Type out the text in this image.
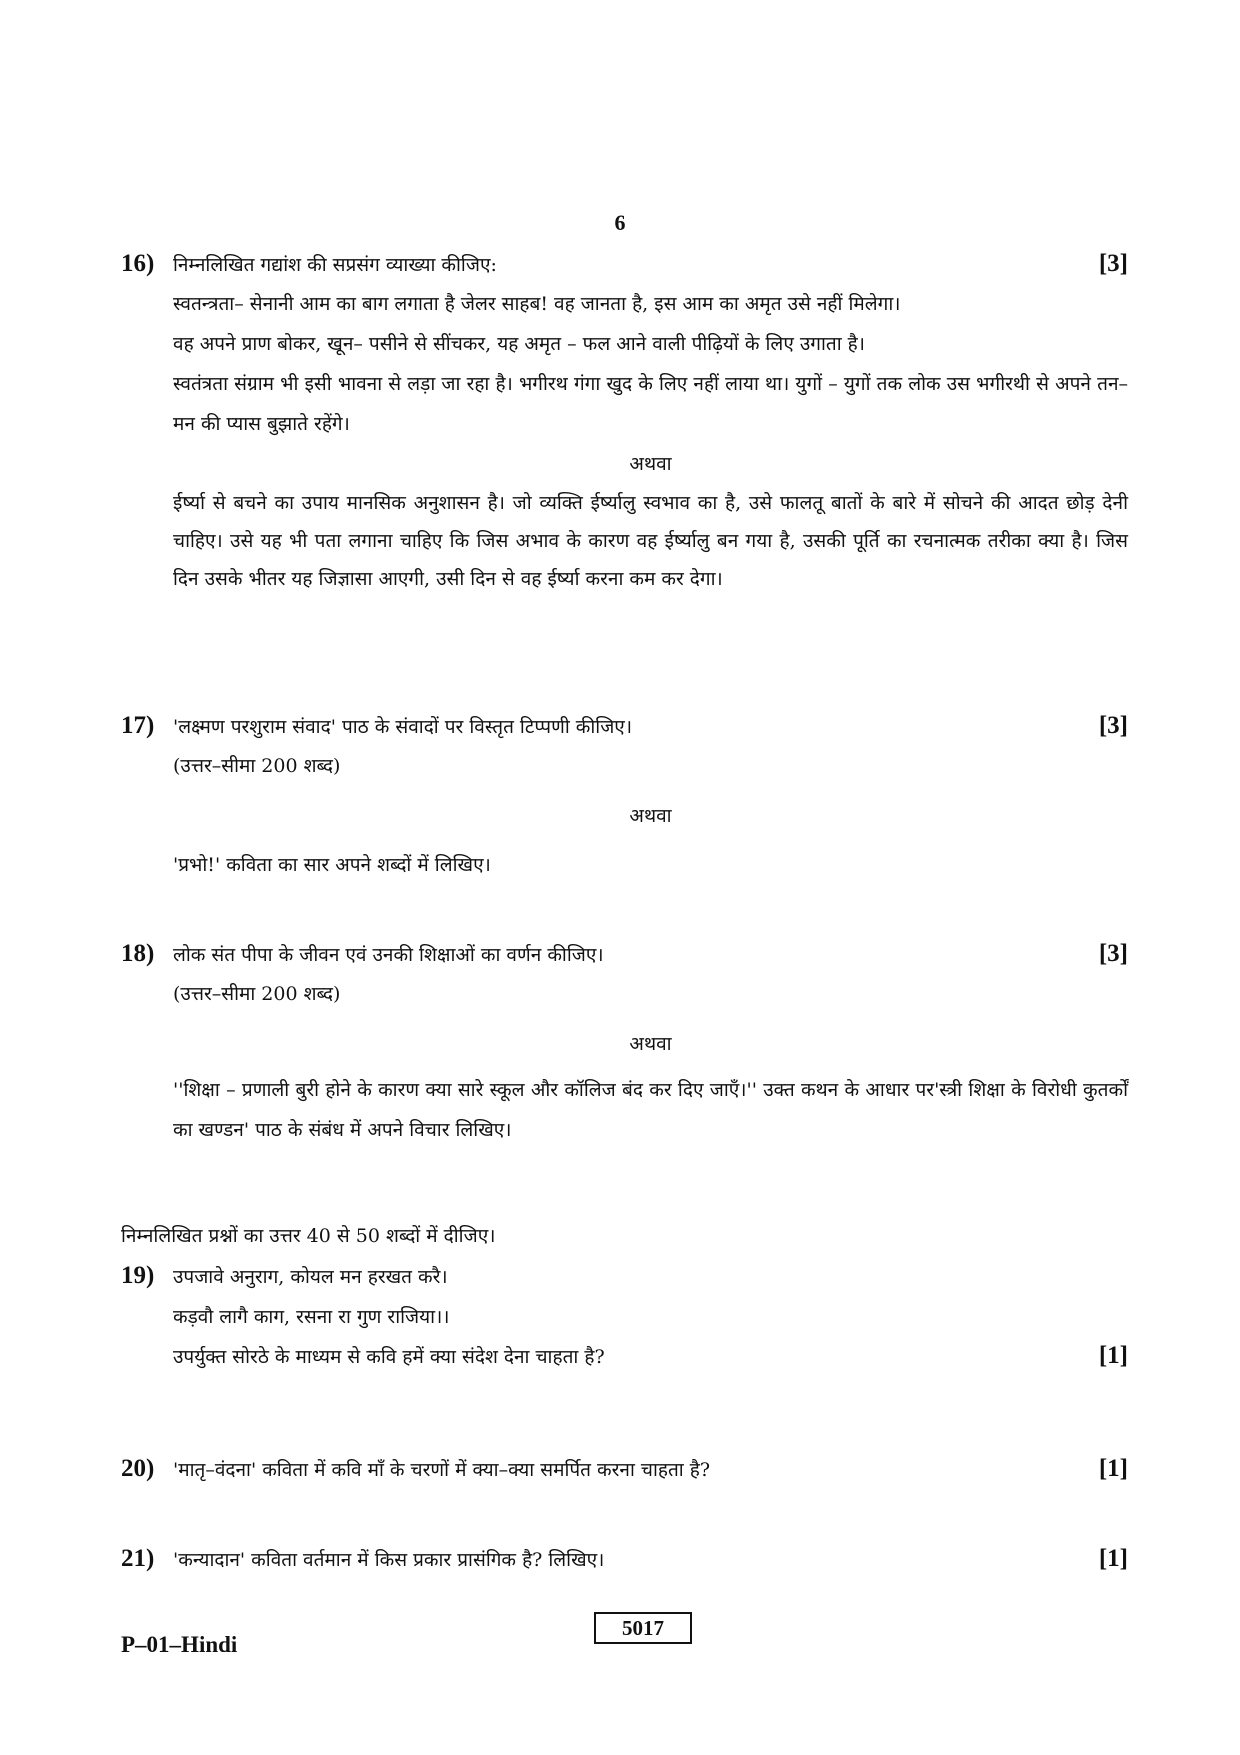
6
16) निम्नलिखित गद्यांश की सप्रसंग व्याख्या कीजिए:	[3]

स्वतन्त्रता– सेनानी आम का बाग लगाता है जेलर साहब! वह जानता है, इस आम का अमृत उसे नहीं मिलेगा।

वह अपने प्राण बोकर, खून– पसीने से सींचकर, यह अमृत – फल आने वाली पीढ़ियों के लिए उगाता है।

स्वतंत्रता संग्राम भी इसी भावना से लड़ा जा रहा है। भगीरथ गंगा खुद के लिए नहीं लाया था। युगों – युगों तक लोक उस भगीरथी से अपने तन–मन की प्यास बुझाते रहेंगे।

अथवा
ईर्ष्या से बचने का उपाय मानसिक अनुशासन है। जो व्यक्ति ईर्ष्यालु स्वभाव का है, उसे फालतू बातों के बारे में सोचने की आदत छोड़ देनी चाहिए। उसे यह भी पता लगाना चाहिए कि जिस अभाव के कारण वह ईर्ष्यालु बन गया है, उसकी पूर्ति का रचनात्मक तरीका क्या है। जिस दिन उसके भीतर यह जिज्ञासा आएगी, उसी दिन से वह ईर्ष्या करना कम कर देगा।
17) 'लक्ष्मण परशुराम संवाद' पाठ के संवादों पर विस्तृत टिप्पणी कीजिए।	[3]
(उत्तर–सीमा 200 शब्द)
अथवा
'प्रभो!' कविता का सार अपने शब्दों में लिखिए।
18) लोक संत पीपा के जीवन एवं उनकी शिक्षाओं का वर्णन कीजिए।	[3]
(उत्तर–सीमा 200 शब्द)
अथवा
''शिक्षा – प्रणाली बुरी होने के कारण क्या सारे स्कूल और कॉलिज बंद कर दिए जाएँ।'' उक्त कथन के आधार पर'स्त्री शिक्षा के विरोधी कुतर्कों का खण्डन' पाठ के संबंध में अपने विचार लिखिए।
निम्नलिखित प्रश्नों का उत्तर 40 से 50 शब्दों में दीजिए।
19) उपजावे अनुराग, कोयल मन हरखत करै।
कड़वौ लागै काग, रसना रा गुण राजिया।।
उपर्युक्त सोरठे के माध्यम से कवि हमें क्या संदेश देना चाहता है?	[1]
20) 'मातृ–वंदना' कविता में कवि माँ के चरणों में क्या–क्या समर्पित करना चाहता है?	[1]
21) 'कन्यादान' कविता वर्तमान में किस प्रकार प्रासंगिक है? लिखिए।	[1]
P–01–Hindi
5017
